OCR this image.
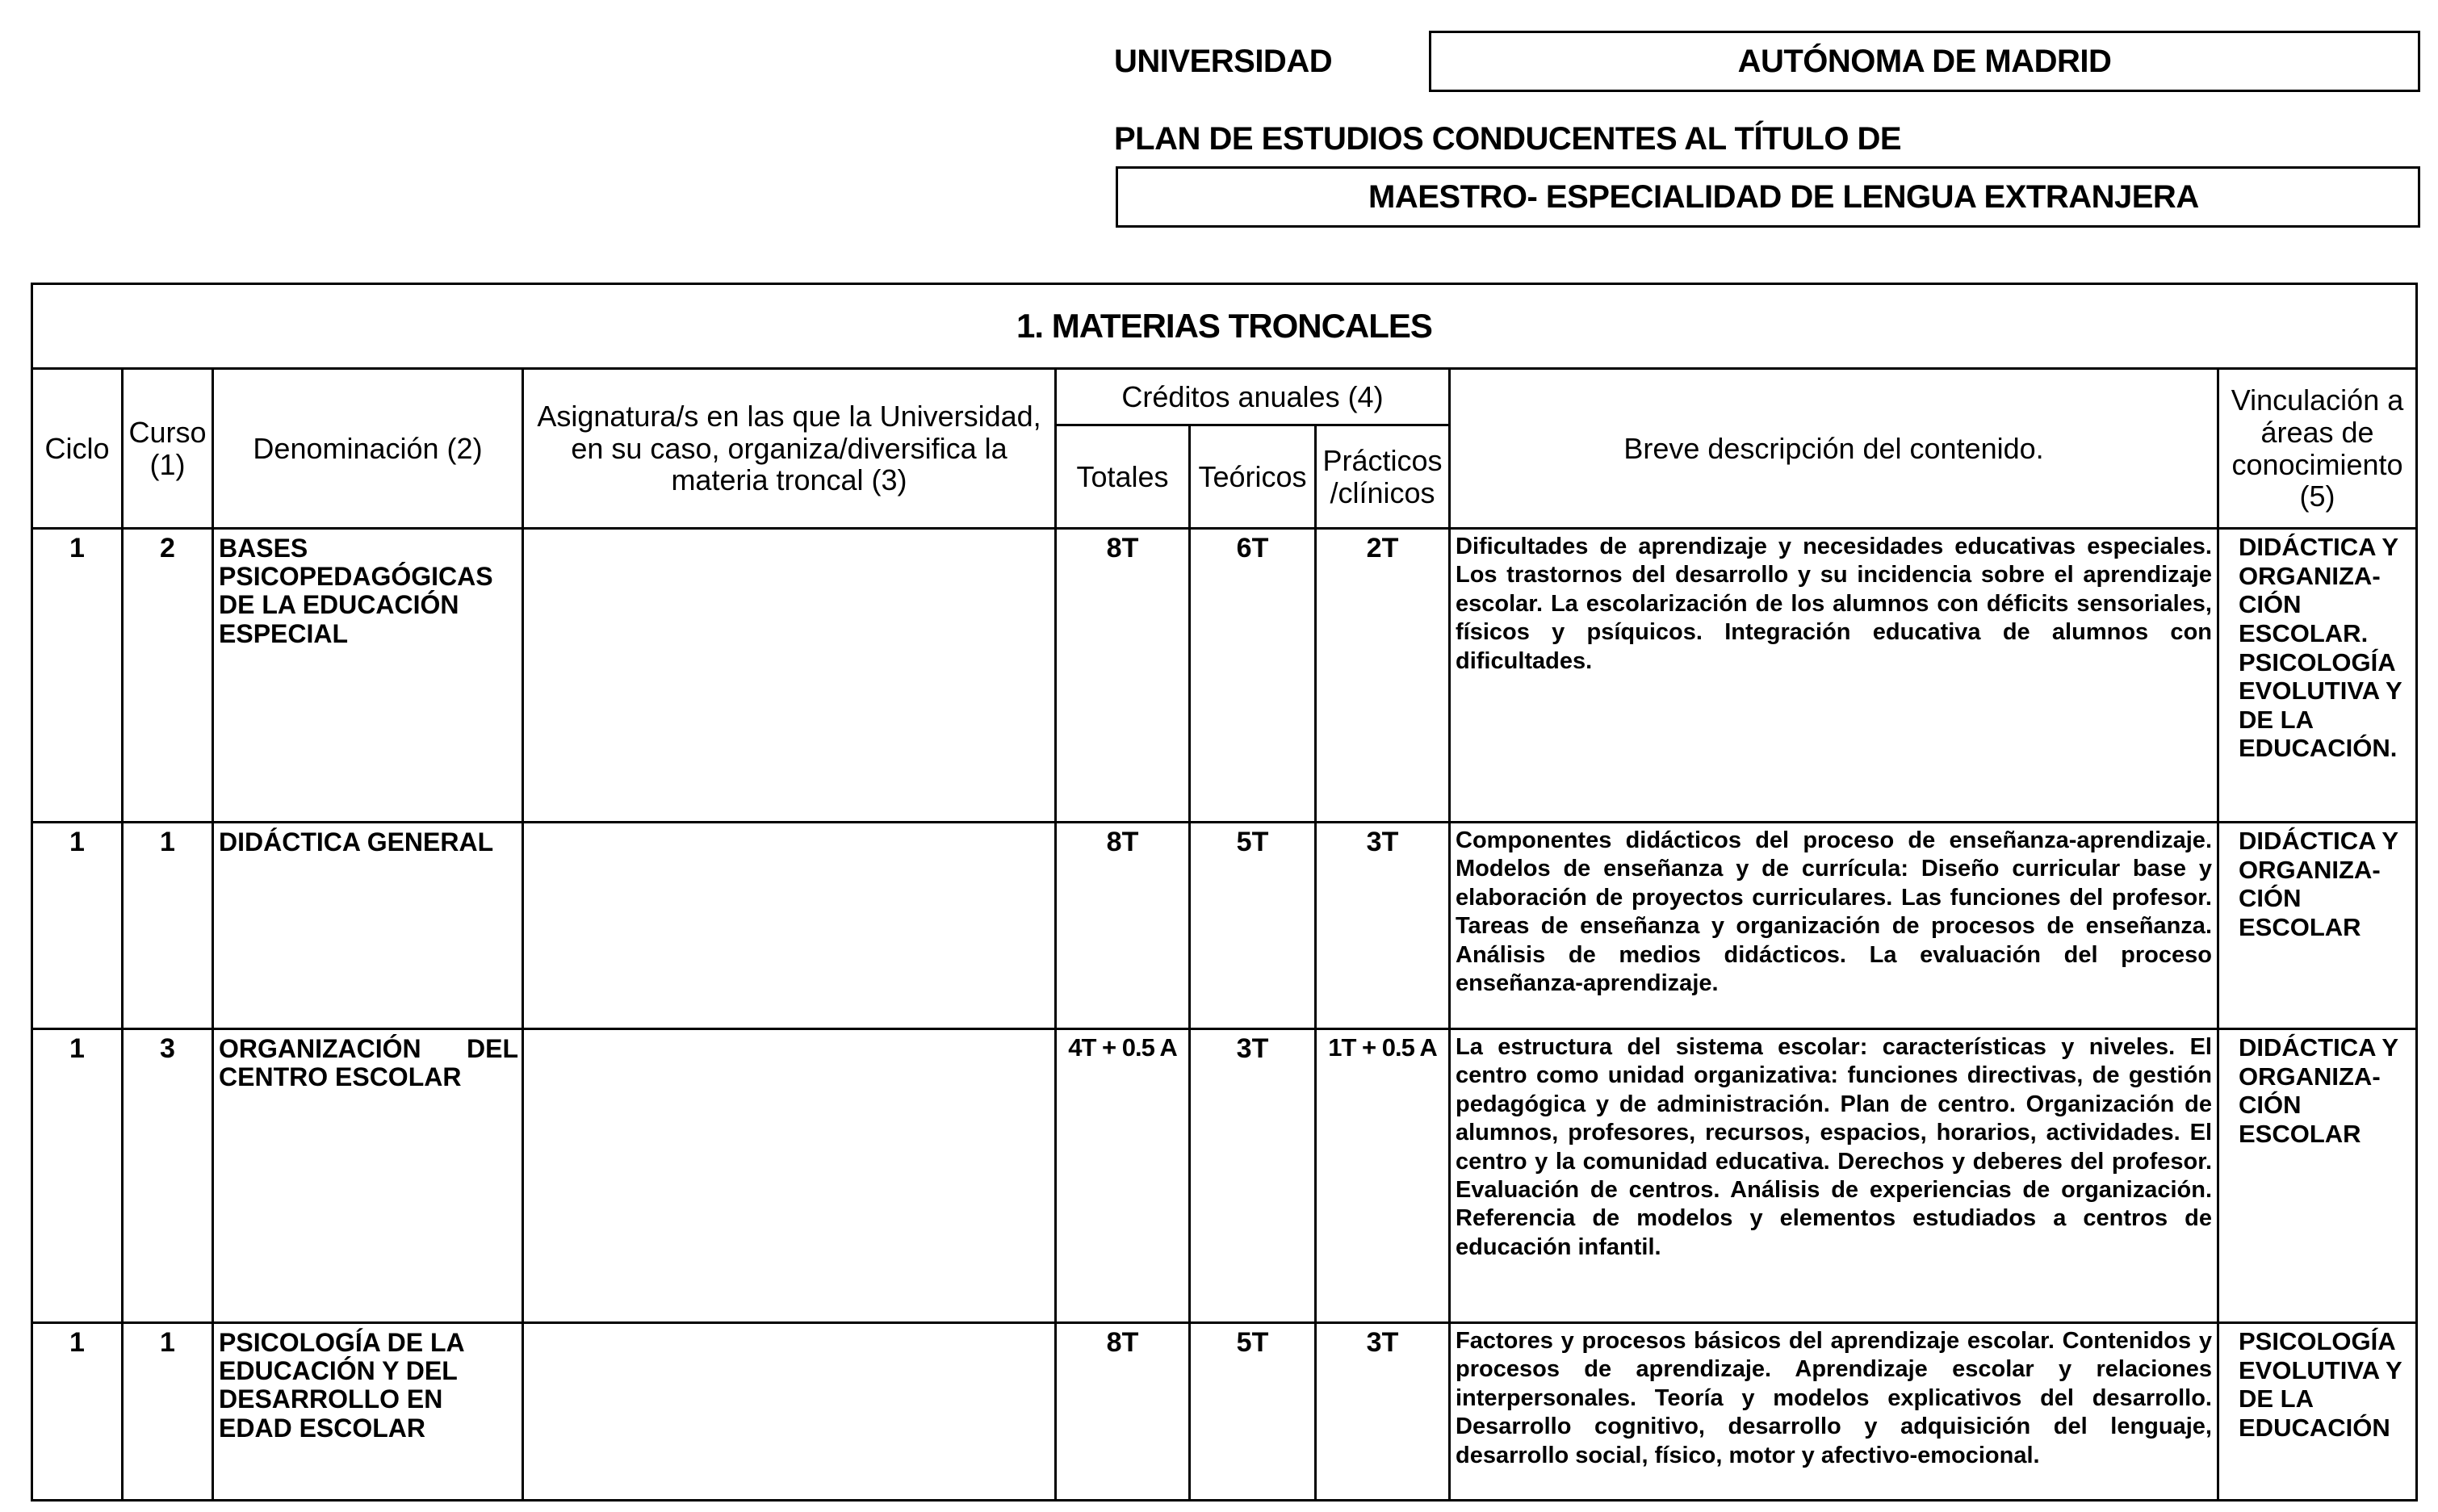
UNIVERSIDAD	AUTÓNOMA DE MADRID
PLAN DE ESTUDIOS CONDUCENTES AL TÍTULO DE
MAESTRO- ESPECIALIDAD DE LENGUA EXTRANJERA
1. MATERIAS TRONCALES								
Ciclo	Curso (1)	Denominación (2)	Asignatura/s en las que la Universidad, en su caso, organiza/diversifica la materia troncal (3)	Créditos anuales (4)			Breve descripción del contenido.	Vinculación a áreas de conocimiento (5)
				Totales	Teóricos	Prácticos /clínicos		
1	2	BASES PSICOPEDAGÓGICAS DE LA EDUCACIÓN ESPECIAL		8T	6T	2T	Dificultades de aprendizaje y necesidades educativas especiales. Los trastornos del desarrollo y su incidencia sobre el aprendizaje escolar. La escolarización de los alumnos con déficits sensoriales, físicos y psíquicos. Integración educativa de alumnos con dificultades.	DIDÁCTICA Y ORGANIZA-CIÓN ESCOLAR. PSICOLOGÍA EVOLUTIVA Y DE LA EDUCACIÓN.
1	1	DIDÁCTICA GENERAL		8T	5T	3T	Componentes didácticos del proceso de enseñanza-aprendizaje. Modelos de enseñanza y de currícula: Diseño curricular base y elaboración de proyectos curriculares. Las funciones del profesor. Tareas de enseñanza y organización de procesos de enseñanza. Análisis de medios didácticos. La evaluación del proceso enseñanza-aprendizaje.	DIDÁCTICA Y ORGANIZA-CIÓN ESCOLAR
1	3	ORGANIZACIÓN DEL CENTRO ESCOLAR		4T + 0.5 A	3T	1T + 0.5 A	La estructura del sistema escolar: características y niveles. El centro como unidad organizativa: funciones directivas, de gestión pedagógica y de administración. Plan de centro. Organización de alumnos, profesores, recursos, espacios, horarios, actividades. El centro y la comunidad educativa. Derechos y deberes del profesor. Evaluación de centros. Análisis de experiencias de organización. Referencia de modelos y elementos estudiados a centros de educación infantil.	DIDÁCTICA Y ORGANIZA-CIÓN ESCOLAR
1	1	PSICOLOGÍA DE LA EDUCACIÓN Y DEL DESARROLLO EN EDAD ESCOLAR		8T	5T	3T	Factores y procesos básicos del aprendizaje escolar. Contenidos y procesos de aprendizaje. Aprendizaje escolar y relaciones interpersonales. Teoría y modelos explicativos del desarrollo. Desarrollo cognitivo, desarrollo y adquisición del lenguaje, desarrollo social, físico, motor y afectivo-emocional.	PSICOLOGÍA EVOLUTIVA Y DE LA EDUCACIÓN
